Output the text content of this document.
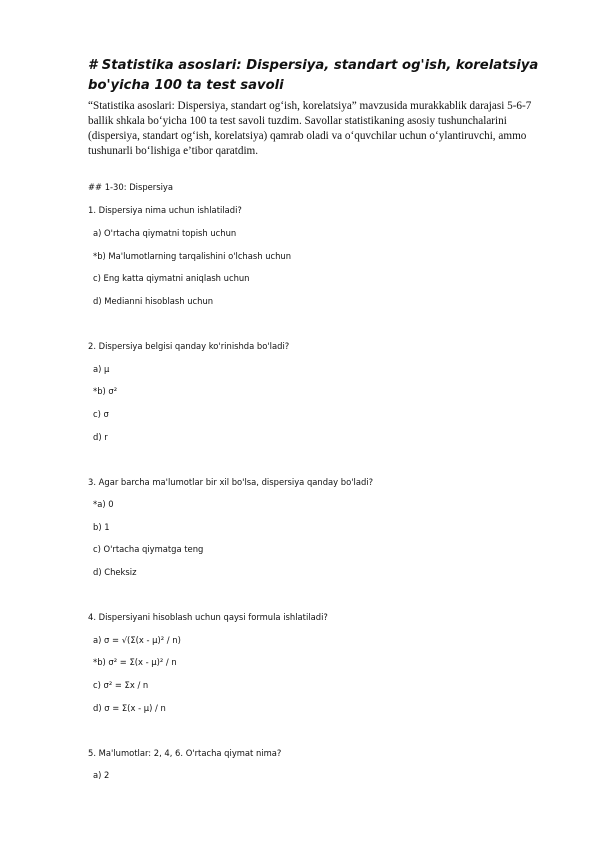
# Statistika asoslari: Dispersiya, standart og'ish, korelatsiya bo'yicha 100 ta test savoli

“Statistika asoslari: Dispersiya, standart og‘ish, korelatsiya” mavzusida murakkablik darajasi 5-6-7 ballik shkala bo‘yicha 100 ta test savoli tuzdim. Savollar statistikaning asosiy tushunchalarini (dispersiya, standart og‘ish, korelatsiya) qamrab oladi va o‘quvchilar uchun o‘ylantiruvchi, ammo tushunarli bo‘lishiga e’tibor qaratdim.

## 1-30: Dispersiya
1. Dispersiya nima uchun ishlatiladi?
a) O'rtacha qiymatni topish uchun
*b) Ma'lumotlarning tarqalishini o'lchash uchun
c) Eng katta qiymatni aniqlash uchun
d) Medianni hisoblash uchun
2. Dispersiya belgisi qanday ko'rinishda bo'ladi?
a) μ
*b) σ²
c) σ
d) r
3. Agar barcha ma'lumotlar bir xil bo'lsa, dispersiya qanday bo'ladi?
*a) 0
b) 1
c) O'rtacha qiymatga teng
d) Cheksiz
4. Dispersiyani hisoblash uchun qaysi formula ishlatiladi?
a) σ = √(Σ(x - μ)² / n)
*b) σ² = Σ(x - μ)² / n
c) σ² = Σx / n
d) σ = Σ(x - μ) / n
5. Ma'lumotlar: 2, 4, 6. O'rtacha qiymat nima?
a) 2
